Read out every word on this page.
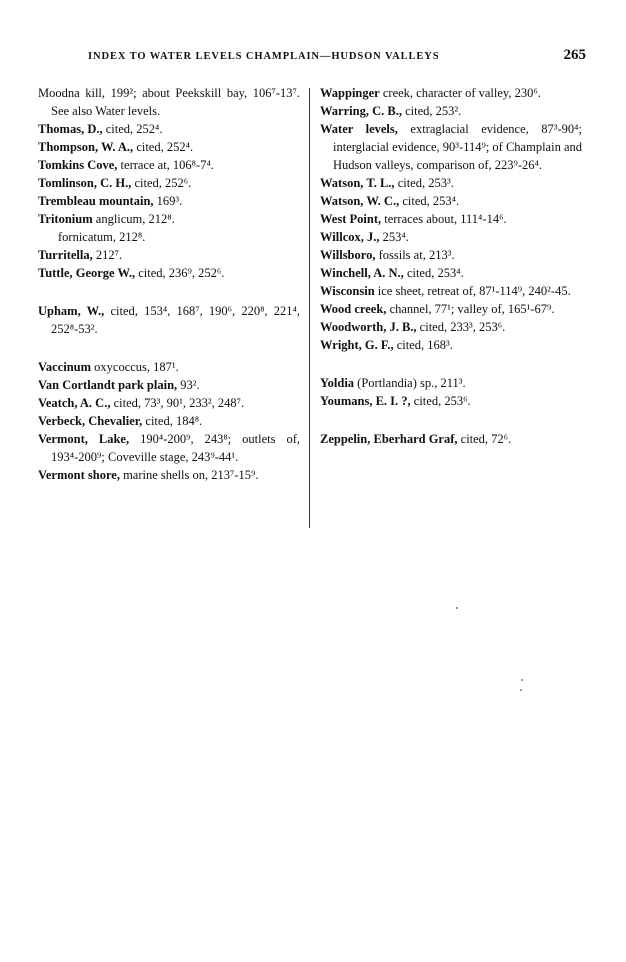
INDEX TO WATER LEVELS CHAMPLAIN—HUDSON VALLEYS	265
Moodna kill, 199²; about Peekskill bay, 106⁷-13⁷. See also Water levels.
Thomas, D., cited, 252⁴.
Thompson, W. A., cited, 252⁴.
Tomkins Cove, terrace at, 106⁸-7⁴.
Tomlinson, C. H., cited, 252⁶.
Trembleau mountain, 169³.
Tritonium anglicum, 212⁸.
fornicatum, 212⁸.
Turritella, 212⁷.
Tuttle, George W., cited, 236⁹, 252⁶.
Upham, W., cited, 153⁴, 168⁷, 190⁶, 220⁸, 221⁴, 252⁸-53².
Vaccinum oxycoccus, 187¹.
Van Cortlandt park plain, 93².
Veatch, A. C., cited, 73³, 90¹, 233², 248⁷.
Verbeck, Chevalier, cited, 184⁸.
Vermont, Lake, 190⁴-200⁹, 243⁸; outlets of, 193⁴-200⁹; Coveville stage, 243⁹-44¹.
Vermont shore, marine shells on, 213⁷-15⁹.
Wappinger creek, character of valley, 230⁶.
Warring, C. B., cited, 253².
Water levels, extraglacial evidence, 87³-90⁴; interglacial evidence, 90³-114⁹; of Champlain and Hudson valleys, comparison of, 223⁹-26⁴.
Watson, T. L., cited, 253³.
Watson, W. C., cited, 253⁴.
West Point, terraces about, 111⁴-14⁶.
Willcox, J., 253⁴.
Willsboro, fossils at, 213³.
Winchell, A. N., cited, 253⁴.
Wisconsin ice sheet, retreat of, 87¹-114⁹, 240²-45.
Wood creek, channel, 77¹; valley of, 165¹-67⁹.
Woodworth, J. B., cited, 233³, 253⁶.
Wright, G. F., cited, 168³.
Yoldia (Portlandia) sp., 211³.
Youmans, E. I. ?, cited, 253⁶.
Zeppelin, Eberhard Graf, cited, 72⁶.
